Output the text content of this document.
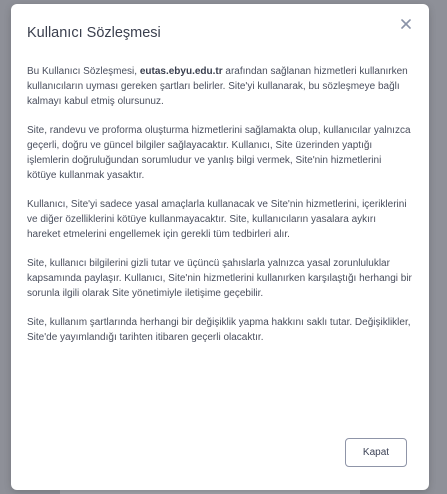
Kullanıcı Sözleşmesi

Bu Kullanıcı Sözleşmesi, eutas.ebyu.edu.tr arafından sağlanan hizmetleri kullanırken kullanıcıların uyması gereken şartları belirler. Site'yi kullanarak, bu sözleşmeye bağlı kalmayı kabul etmiş olursunuz.

Site, randevu ve proforma oluşturma hizmetlerini sağlamakta olup, kullanıcılar yalnızca geçerli, doğru ve güncel bilgiler sağlayacaktır. Kullanıcı, Site üzerinden yaptığı işlemlerin doğruluğundan sorumludur ve yanlış bilgi vermek, Site'nin hizmetlerini kötüye kullanmak yasaktır.

Kullanıcı, Site'yi sadece yasal amaçlarla kullanacak ve Site'nin hizmetlerini, içeriklerini ve diğer özelliklerini kötüye kullanmayacaktır. Site, kullanıcıların yasalara aykırı hareket etmelerini engellemek için gerekli tüm tedbirleri alır.

Site, kullanıcı bilgilerini gizli tutar ve üçüncü şahıslarla yalnızca yasal zorunluluklar kapsamında paylaşır. Kullanıcı, Site'nin hizmetlerini kullanırken karşılaştığı herhangi bir sorunla ilgili olarak Site yönetimiyle iletişime geçebilir.

Site, kullanım şartlarında herhangi bir değişiklik yapma hakkını saklı tutar. Değişiklikler, Site'de yayımlandığı tarihten itibaren geçerli olacaktır.

Kapat
